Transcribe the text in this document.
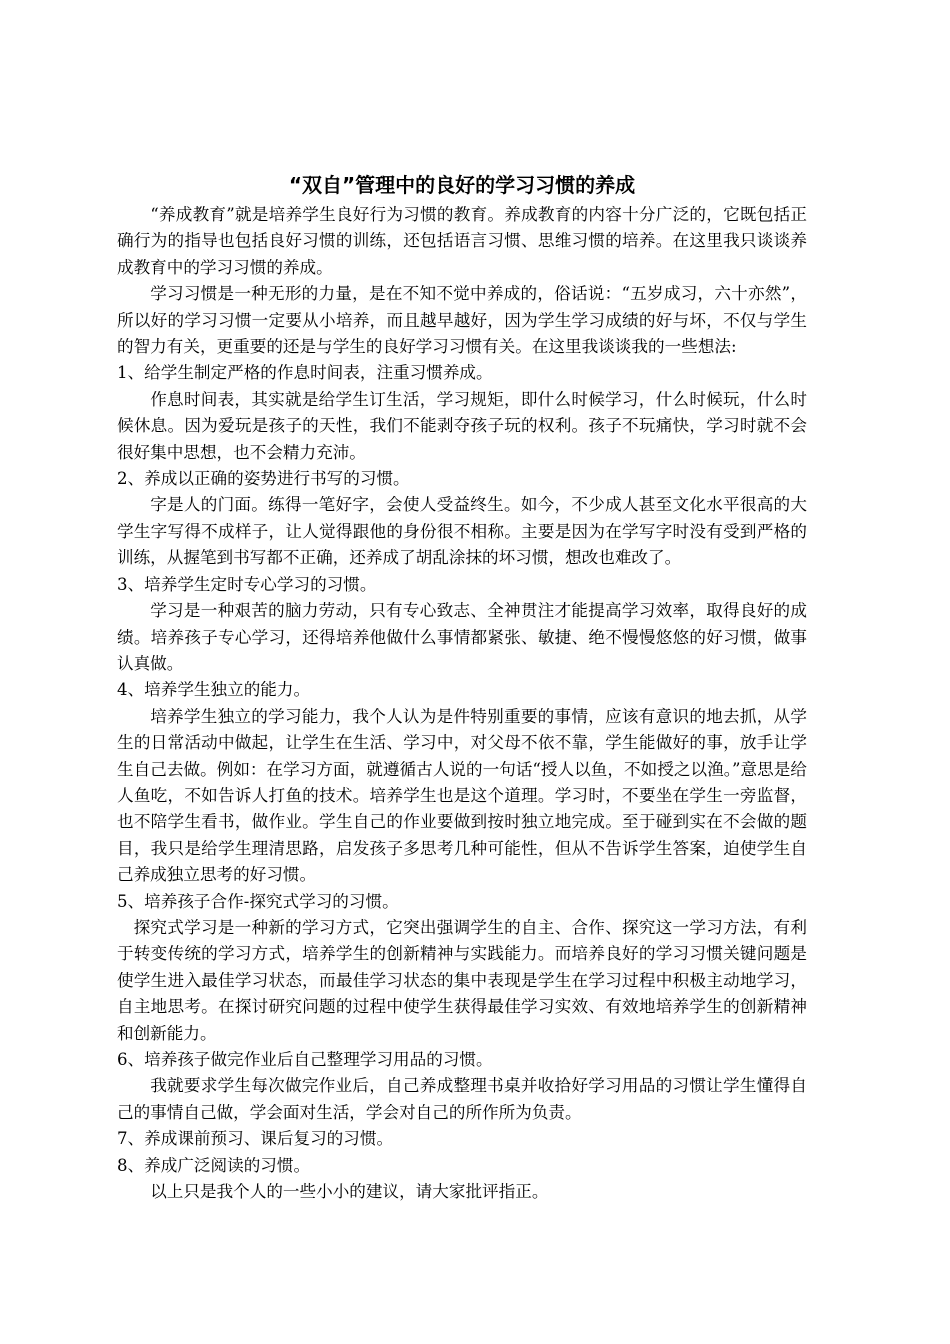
“双自”管理中的良好的学习习惯的养成

“养成教育”就是培养学生良好行为习惯的教育。养成教育的内容十分广泛的，它既包括正确行为的指导也包括良好习惯的训练，还包括语言习惯、思维习惯的培养。在这里我只谈谈养成教育中的学习习惯的养成。

学习习惯是一种无形的力量，是在不知不觉中养成的，俗话说：“五岁成习，六十亦然”，所以好的学习习惯一定要从小培养，而且越早越好，因为学生学习成绩的好与坏，不仅与学生的智力有关，更重要的还是与学生的良好学习习惯有关。在这里我谈谈我的一些想法:

1、给学生制定严格的作息时间表，注重习惯养成。

作息时间表，其实就是给学生订生活，学习规矩，即什么时候学习，什么时候玩，什么时候休息。因为爱玩是孩子的天性，我们不能剥夺孩子玩的权利。孩子不玩痛快，学习时就不会很好集中思想，也不会精力充沛。

2、养成以正确的姿势进行书写的习惯。

字是人的门面。练得一笔好字，会使人受益终生。如今，不少成人甚至文化水平很高的大学生字写得不成样子，让人觉得跟他的身份很不相称。主要是因为在学写字时没有受到严格的训练，从握笔到书写都不正确，还养成了胡乱涂抹的坏习惯，想改也难改了。

3、培养学生定时专心学习的习惯。

学习是一种艰苦的脑力劳动，只有专心致志、全神贯注才能提高学习效率，取得良好的成绩。培养孩子专心学习，还得培养他做什么事情都紧张、敏捷、绝不慢慢悠悠的好习惯，做事认真做。

4、培养学生独立的能力。

培养学生独立的学习能力，我个人认为是件特别重要的事情，应该有意识的地去抓，从学生的日常活动中做起，让学生在生活、学习中，对父母不依不靠，学生能做好的事，放手让学生自己去做。例如：在学习方面，就遵循古人说的一句话“授人以鱼，不如授之以渔。”意思是给人鱼吃，不如告诉人打鱼的技术。培养学生也是这个道理。学习时，不要坐在学生一旁监督，也不陪学生看书，做作业。学生自己的作业要做到按时独立地完成。至于碰到实在不会做的题目，我只是给学生理清思路，启发孩子多思考几种可能性，但从不告诉学生答案，迫使学生自己养成独立思考的好习惯。

5、培养孩子合作-探究式学习的习惯。

探究式学习是一种新的学习方式，它突出强调学生的自主、合作、探究这一学习方法，有利于转变传统的学习方式，培养学生的创新精神与实践能力。而培养良好的学习习惯关键问题是使学生进入最佳学习状态，而最佳学习状态的集中表现是学生在学习过程中积极主动地学习，自主地思考。在探讨研究问题的过程中使学生获得最佳学习实效、有效地培养学生的创新精神和创新能力。

6、培养孩子做完作业后自己整理学习用品的习惯。

我就要求学生每次做完作业后，自己养成整理书桌并收拾好学习用品的习惯让学生懂得自己的事情自己做，学会面对生活，学会对自己的所作所为负责。

7、养成课前预习、课后复习的习惯。

8、养成广泛阅读的习惯。

以上只是我个人的一些小小的建议，请大家批评指正。
